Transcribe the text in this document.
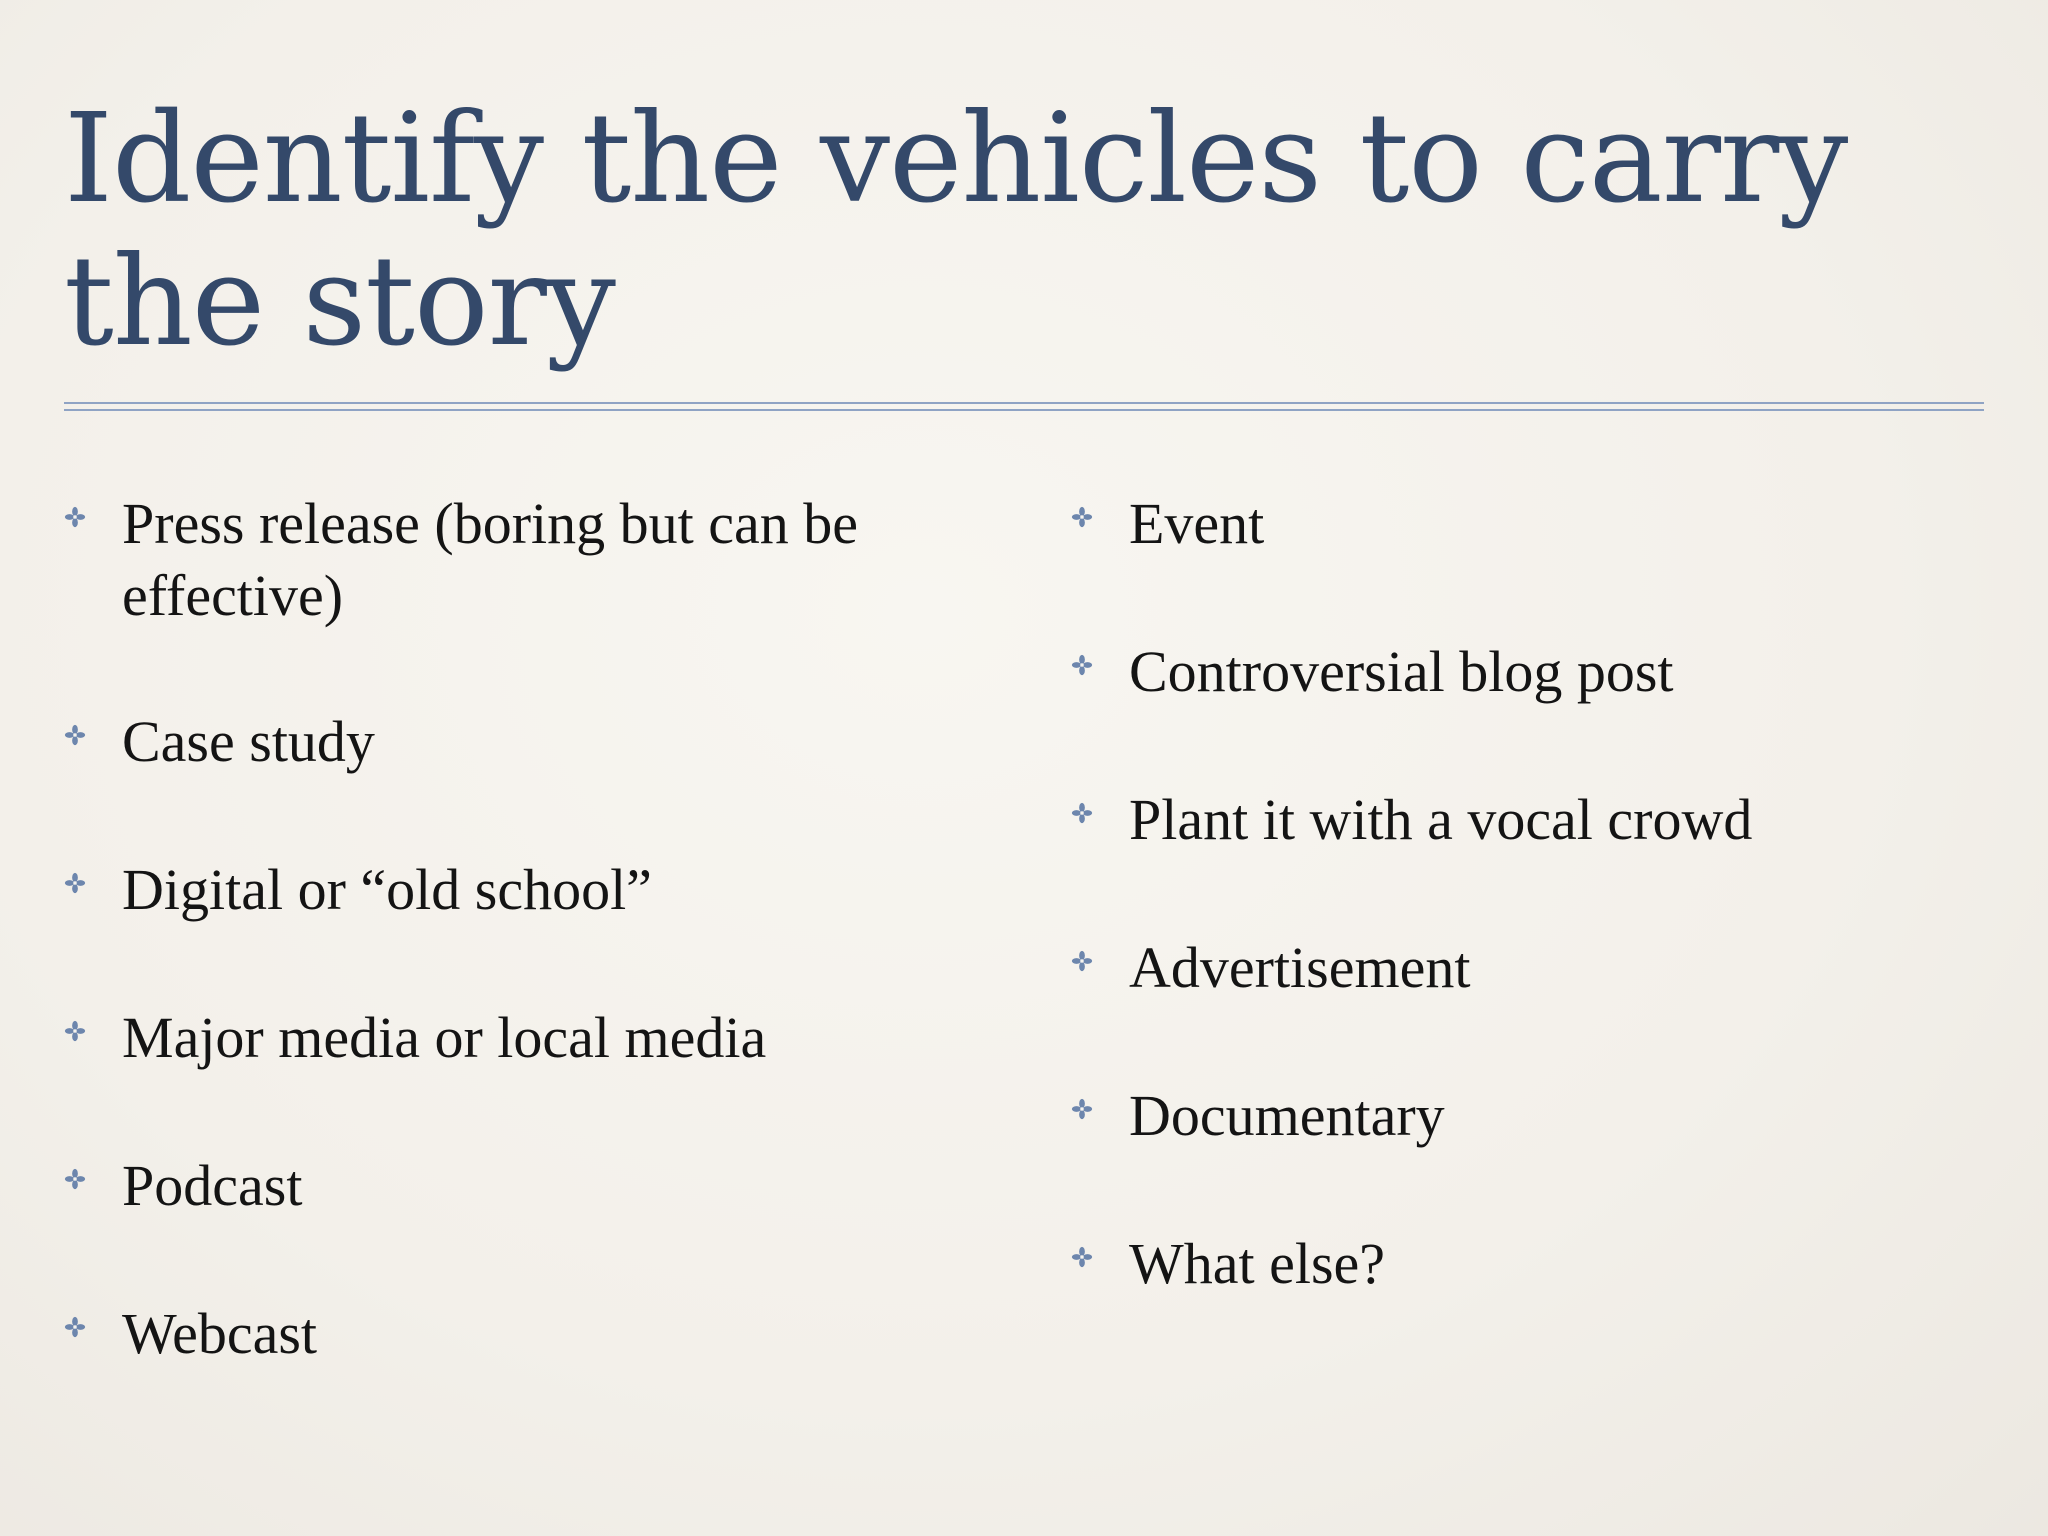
Identify the vehicles to carry the story
Press release (boring but can be effective)
Case study
Digital or “old school”
Major media or local media
Podcast
Webcast
Event
Controversial blog post
Plant it with a vocal crowd
Advertisement
Documentary
What else?
